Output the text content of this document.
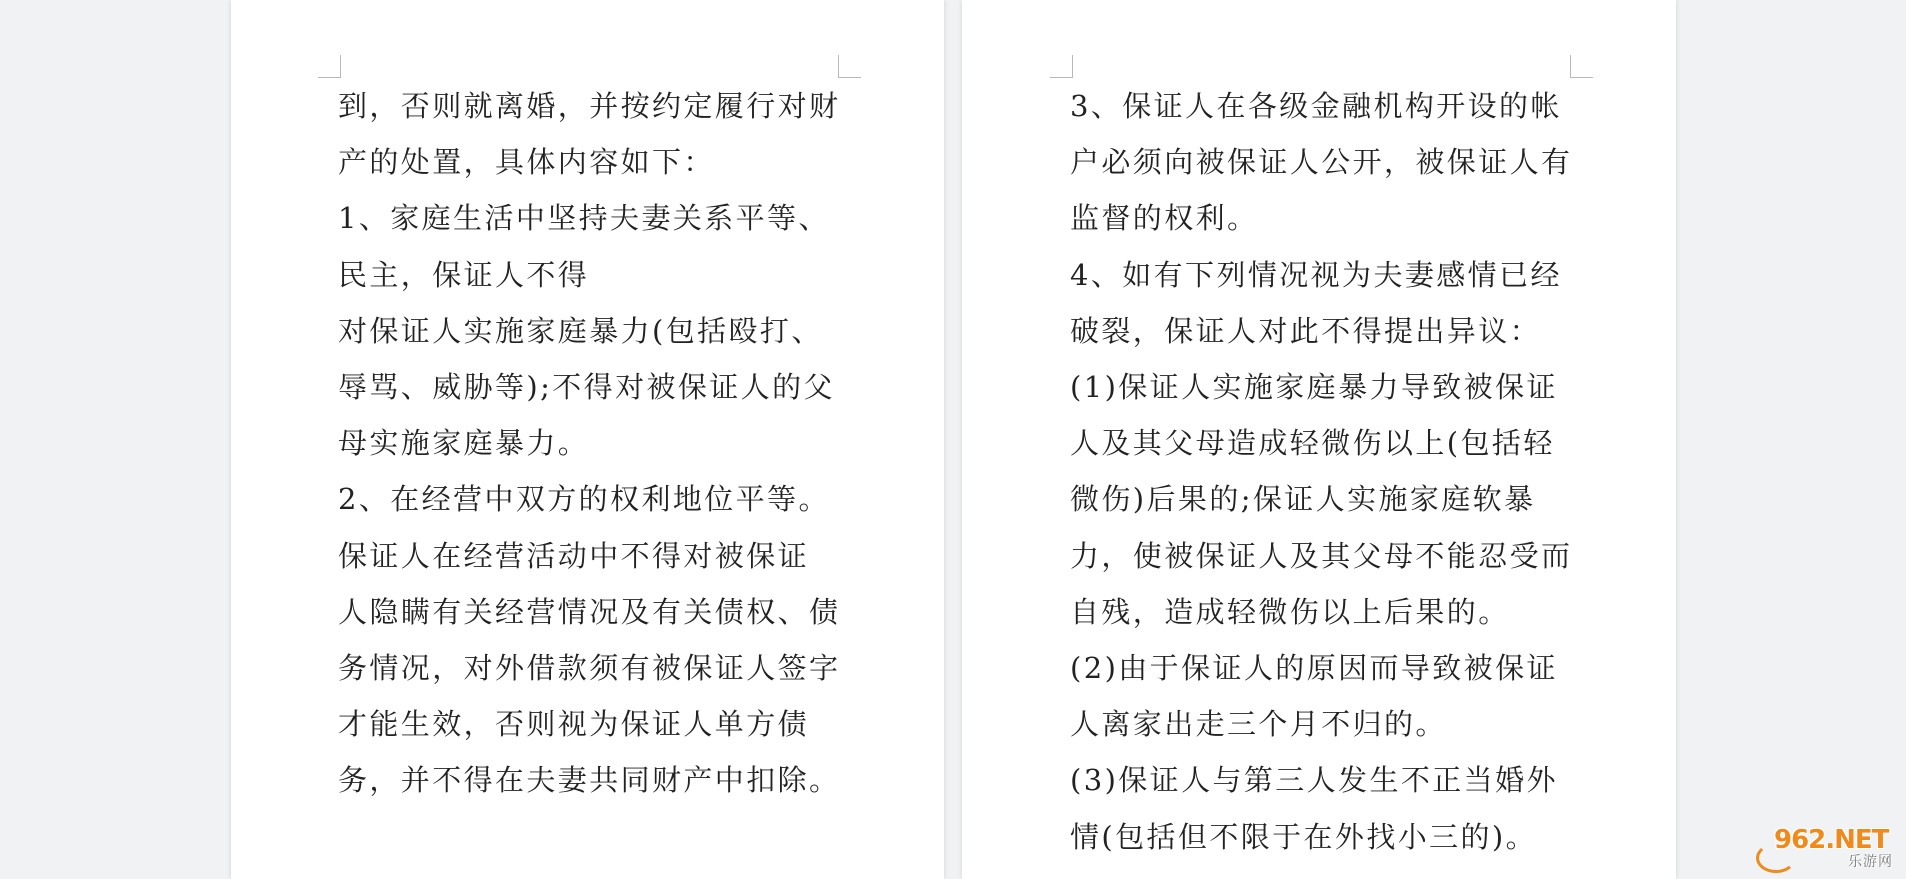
到，否则就离婚，并按约定履行对财

产的处置，具体内容如下：

1、家庭生活中坚持夫妻关系平等、

民主，保证人不得

对保证人实施家庭暴力(包括殴打、

辱骂、威胁等);不得对被保证人的父

母实施家庭暴力。

2、在经营中双方的权利地位平等。

保证人在经营活动中不得对被保证

人隐瞒有关经营情况及有关债权、债

务情况，对外借款须有被保证人签字

才能生效，否则视为保证人单方债

务，并不得在夫妻共同财产中扣除。

3、保证人在各级金融机构开设的帐

户必须向被保证人公开，被保证人有

监督的权利。

4、如有下列情况视为夫妻感情已经

破裂，保证人对此不得提出异议：

(1)保证人实施家庭暴力导致被保证

人及其父母造成轻微伤以上(包括轻

微伤)后果的;保证人实施家庭软暴

力，使被保证人及其父母不能忍受而

自残，造成轻微伤以上后果的。

(2)由于保证人的原因而导致被保证

人离家出走三个月不归的。

(3)保证人与第三人发生不正当婚外

情(包括但不限于在外找小三的)。	962.NET
乐游网
